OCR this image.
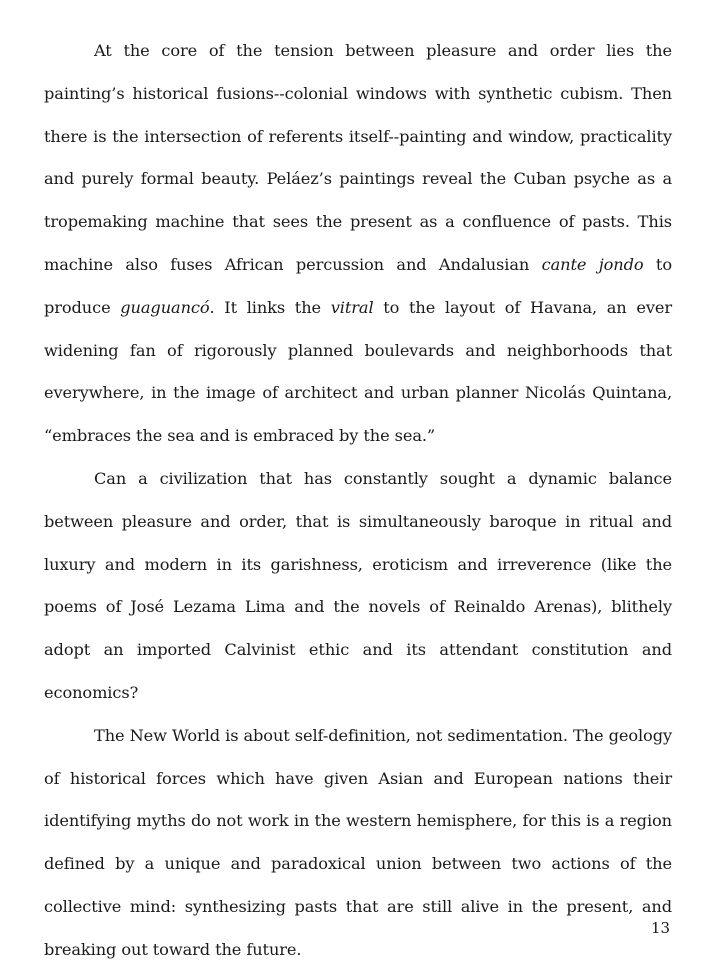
At the core of the tension between pleasure and order lies the painting’s historical fusions--colonial windows with synthetic cubism. Then there is the intersection of referents itself--painting and window, practicality and purely formal beauty. Peláez’s paintings reveal the Cuban psyche as a tropemaking machine that sees the present as a confluence of pasts. This machine also fuses African percussion and Andalusian cante jondo to produce guaguancó. It links the vitral to the layout of Havana, an ever widening fan of rigorously planned boulevards and neighborhoods that everywhere, in the image of architect and urban planner Nicolás Quintana, “embraces the sea and is embraced by the sea.”

Can a civilization that has constantly sought a dynamic balance between pleasure and order, that is simultaneously baroque in ritual and luxury and modern in its garishness, eroticism and irreverence (like the poems of José Lezama Lima and the novels of Reinaldo Arenas), blithely adopt an imported Calvinist ethic and its attendant constitution and economics?

The New World is about self-definition, not sedimentation. The geology of historical forces which have given Asian and European nations their identifying myths do not work in the western hemisphere, for this is a region defined by a unique and paradoxical union between two actions of the collective mind: synthesizing pasts that are still alive in the present, and breaking out toward the future.

13
